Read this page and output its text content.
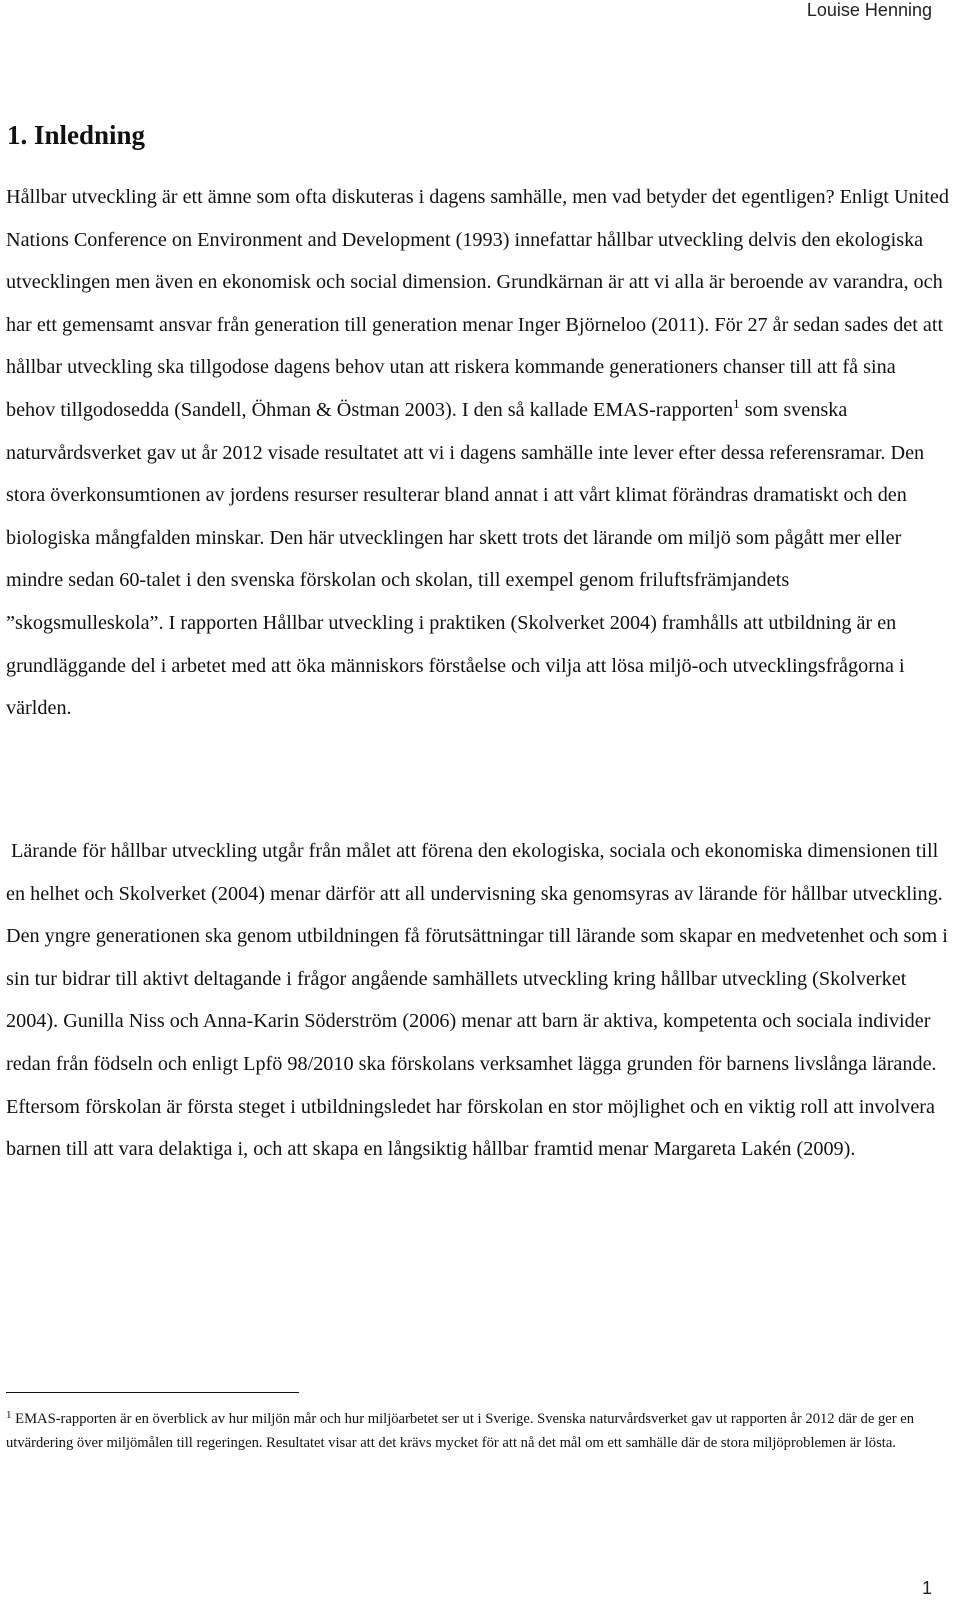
Louise Henning
1. Inledning

Hållbar utveckling är ett ämne som ofta diskuteras i dagens samhälle, men vad betyder det egentligen? Enligt United Nations Conference on Environment and Development (1993) innefattar hållbar utveckling delvis den ekologiska utvecklingen men även en ekonomisk och social dimension. Grundkärnan är att vi alla är beroende av varandra, och har ett gemensamt ansvar från generation till generation menar Inger Björneloo (2011). För 27 år sedan sades det att hållbar utveckling ska tillgodose dagens behov utan att riskera kommande generationers chanser till att få sina behov tillgodosedda (Sandell, Öhman & Östman 2003). I den så kallade EMAS-rapporten$^1$ som svenska naturvårdsverket gav ut år 2012 visade resultatet att vi i dagens samhälle inte lever efter dessa referensramar. Den stora överkonsumtionen av jordens resurser resulterar bland annat i att vårt klimat förändras dramatiskt och den biologiska mångfalden minskar. Den här utvecklingen har skett trots det lärande om miljö som pågått mer eller mindre sedan 60-talet i den svenska förskolan och skolan, till exempel genom friluftsfrämjandets ”skogsmulleskola”. I rapporten Hållbar utveckling i praktiken (Skolverket 2004) framhålls att utbildning är en grundläggande del i arbetet med att öka människors förståelse och vilja att lösa miljö-och utvecklingsfrågorna i världen.

Lärande för hållbar utveckling utgår från målet att förena den ekologiska, sociala och ekonomiska dimensionen till en helhet och Skolverket (2004) menar därför att all undervisning ska genomsyras av lärande för hållbar utveckling. Den yngre generationen ska genom utbildningen få förutsättningar till lärande som skapar en medvetenhet och som i sin tur bidrar till aktivt deltagande i frågor angående samhällets utveckling kring hållbar utveckling (Skolverket 2004). Gunilla Niss och Anna-Karin Söderström (2006) menar att barn är aktiva, kompetenta och sociala individer redan från födseln och enligt Lpfö 98/2010 ska förskolans verksamhet lägga grunden för barnens livslånga lärande. Eftersom förskolan är första steget i utbildningsledet har förskolan en stor möjlighet och en viktig roll att involvera barnen till att vara delaktiga i, och att skapa en långsiktig hållbar framtid menar Margareta Lakén (2009).

$^1$ EMAS-rapporten är en överblick av hur miljön mår och hur miljöarbetet ser ut i Sverige. Svenska naturvårdsverket gav ut rapporten år 2012 där de ger en utvärdering över miljömålen till regeringen. Resultatet visar att det krävs mycket för att nå det mål om ett samhälle där de stora miljöproblemen är lösta.

1
